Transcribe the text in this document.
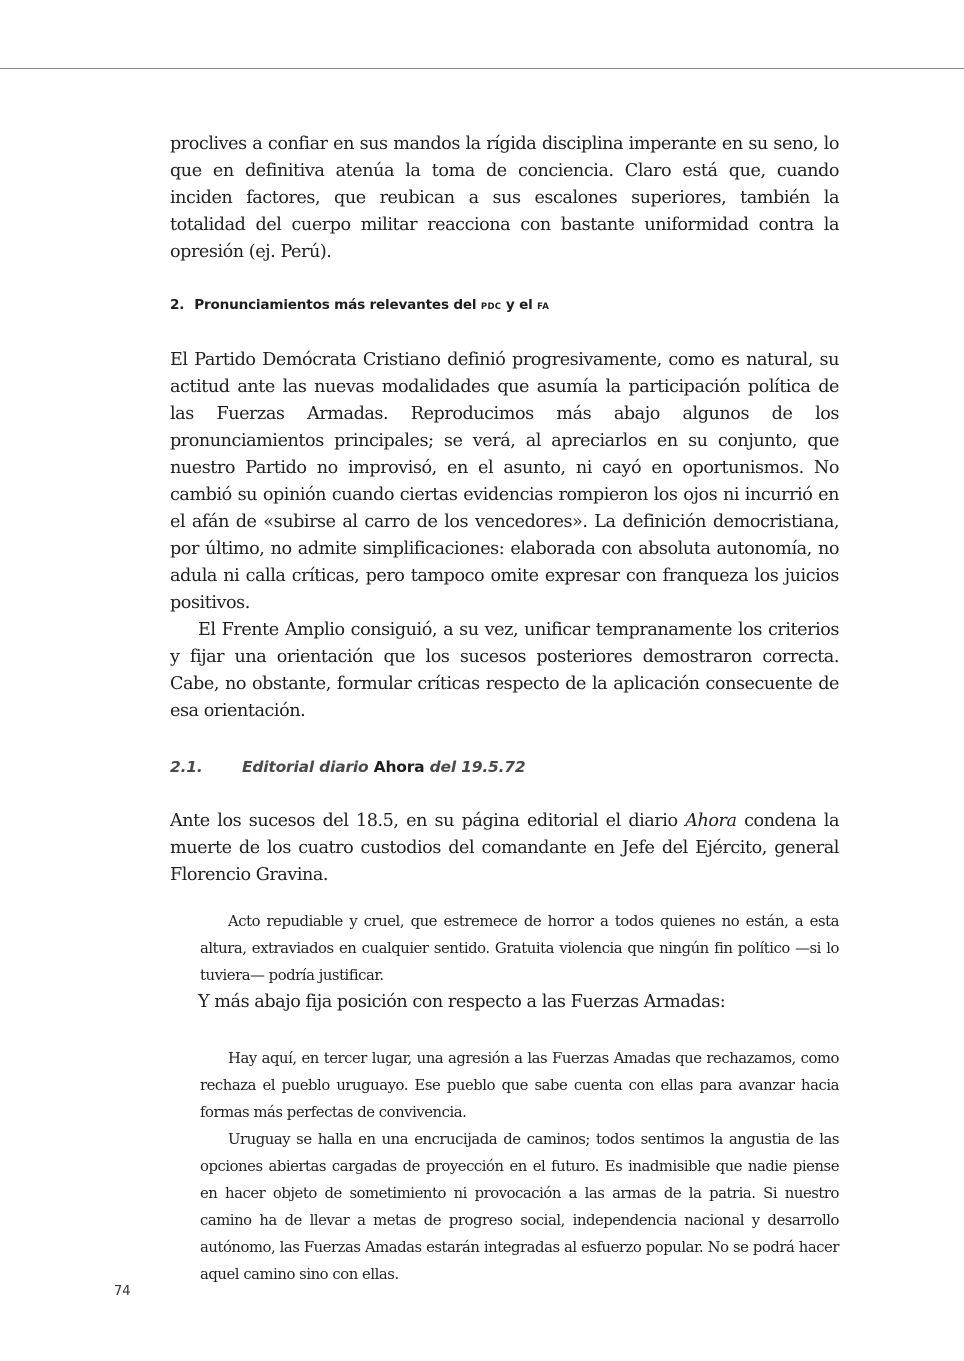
proclives a confiar en sus mandos la rígida disciplina imperante en su seno, lo que en definitiva atenúa la toma de conciencia. Claro está que, cuando inciden factores, que reubican a sus escalones superiores, también la totalidad del cuerpo militar reacciona con bastante uniformidad contra la opresión (ej. Perú).

2. Pronunciamientos más relevantes del PDC y el FA

El Partido Demócrata Cristiano definió progresivamente, como es natural, su actitud ante las nuevas modalidades que asumía la participación política de las Fuerzas Armadas. Reproducimos más abajo algunos de los pronunciamientos principales; se verá, al apreciarlos en su conjunto, que nuestro Partido no improvisó, en el asunto, ni cayó en oportunismos. No cambió su opinión cuando ciertas evidencias rompieron los ojos ni incurrió en el afán de «subirse al carro de los vencedores». La definición democristiana, por último, no admite simplificaciones: elaborada con absoluta autonomía, no adula ni calla críticas, pero tampoco omite expresar con franqueza los juicios positivos.

El Frente Amplio consiguió, a su vez, unificar tempranamente los criterios y fijar una orientación que los sucesos posteriores demostraron correcta. Cabe, no obstante, formular críticas respecto de la aplicación consecuente de esa orientación.

2.1.	Editorial diario Ahora del 19.5.72

Ante los sucesos del 18.5, en su página editorial el diario Ahora condena la muerte de los cuatro custodios del comandante en Jefe del Ejército, general Florencio Gravina.

Acto repudiable y cruel, que estremece de horror a todos quienes no están, a esta altura, extraviados en cualquier sentido. Gratuita violencia que ningún fin político —si lo tuviera— podría justificar.

Y más abajo fija posición con respecto a las Fuerzas Armadas:

Hay aquí, en tercer lugar, una agresión a las Fuerzas Amadas que rechazamos, como rechaza el pueblo uruguayo. Ese pueblo que sabe cuenta con ellas para avanzar hacia formas más perfectas de convivencia.

Uruguay se halla en una encrucijada de caminos; todos sentimos la angustia de las opciones abiertas cargadas de proyección en el futuro. Es inadmisible que nadie piense en hacer objeto de sometimiento ni provocación a las armas de la patria. Si nuestro camino ha de llevar a metas de progreso social, independencia nacional y desarrollo autónomo, las Fuerzas Amadas estarán integradas al esfuerzo popular. No se podrá hacer aquel camino sino con ellas.

74
